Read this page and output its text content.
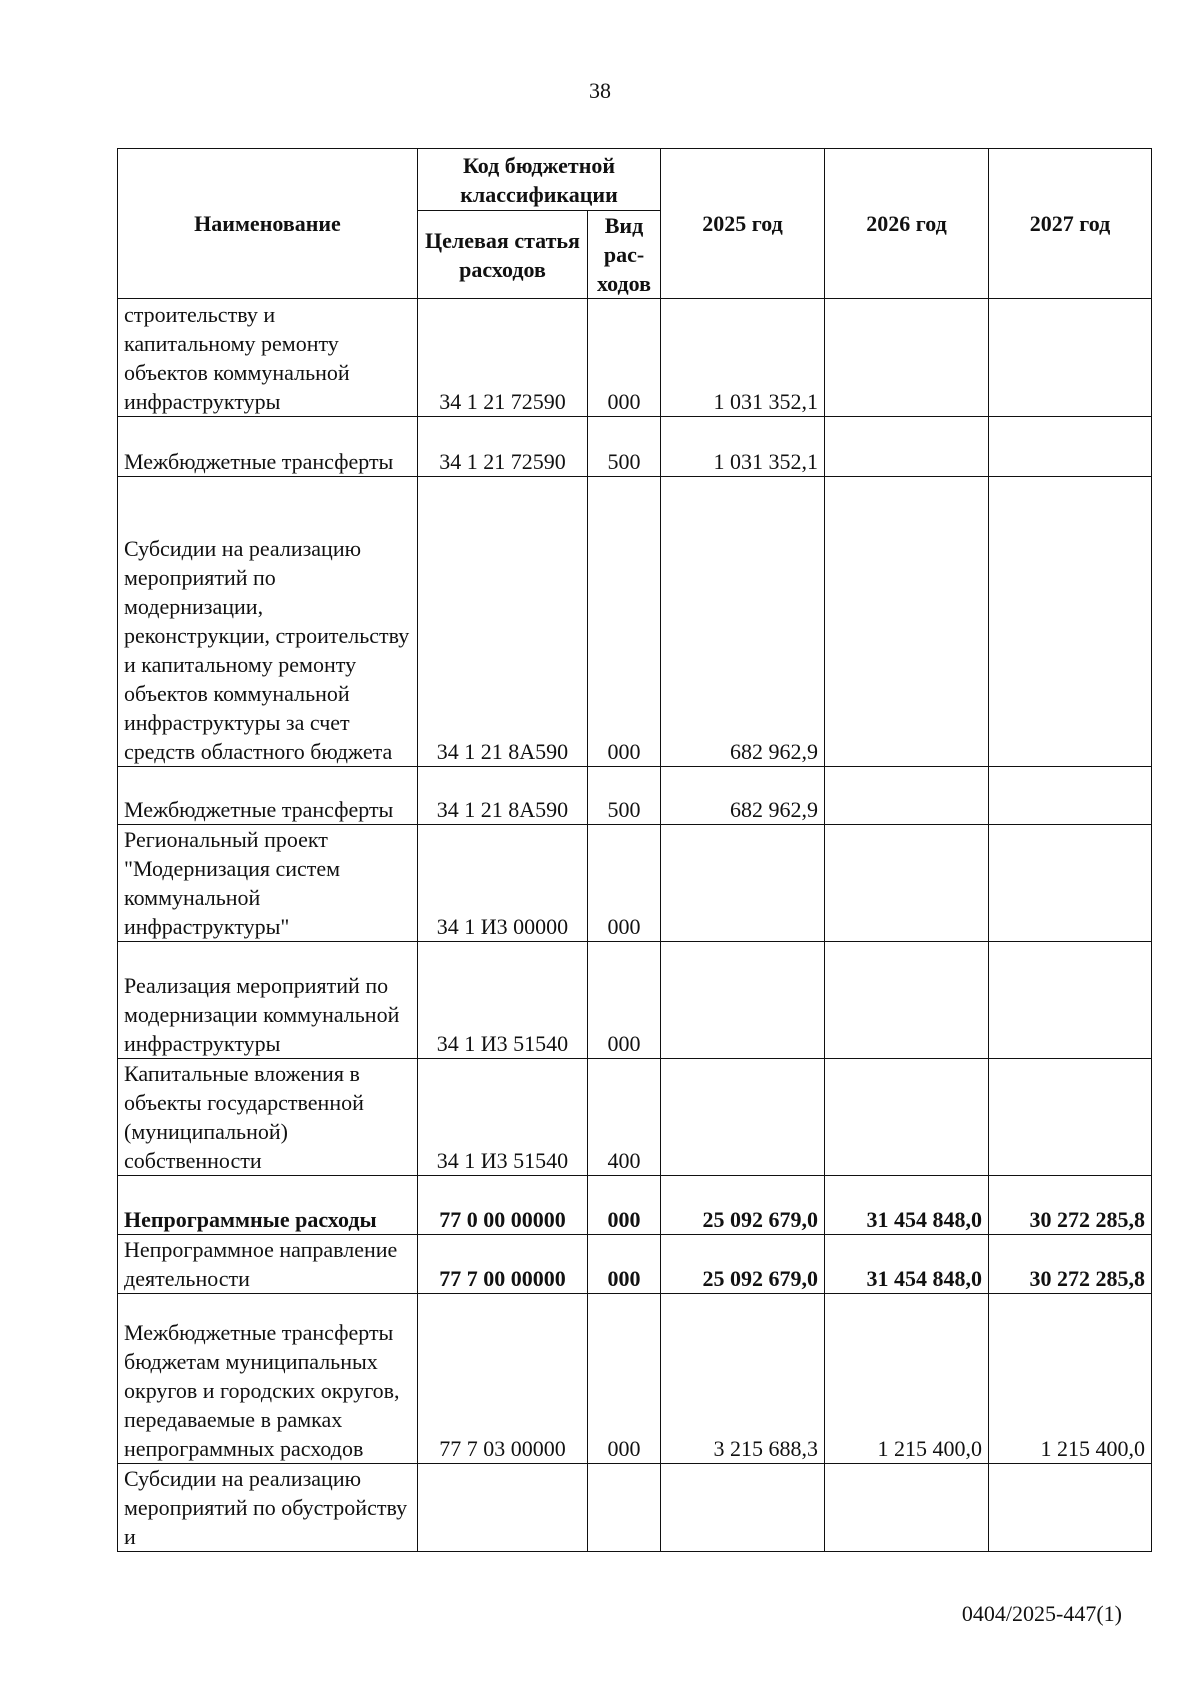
38
Наименование	Код бюджетной классификации		2025 год	2026 год	2027 год
	Целевая статья расходов	Вид рас-ходов			
строительству и капитальному ремонту объектов коммунальной инфраструктуры	34 1 21 72590	000	1 031 352,1		
Межбюджетные трансферты	34 1 21 72590	500	1 031 352,1		
Субсидии на реализацию мероприятий по модернизации, реконструкции, строительству и капитальному ремонту объектов коммунальной инфраструктуры за счет средств областного бюджета	34 1 21 8А590	000	682 962,9		
Межбюджетные трансферты	34 1 21 8А590	500	682 962,9		
Региональный проект "Модернизация систем коммунальной инфраструктуры"	34 1 И3 00000	000			
Реализация мероприятий по модернизации коммунальной инфраструктуры	34 1 И3 51540	000			
Капитальные вложения в объекты государственной (муниципальной) собственности	34 1 И3 51540	400			
Непрограммные расходы	77 0 00 00000	000	25 092 679,0	31 454 848,0	30 272 285,8
Непрограммное направление деятельности	77 7 00 00000	000	25 092 679,0	31 454 848,0	30 272 285,8
Межбюджетные трансферты бюджетам муниципальных округов и городских округов, передаваемые в рамках непрограммных расходов	77 7 03 00000	000	3 215 688,3	1 215 400,0	1 215 400,0
Субсидии на реализацию мероприятий по обустройству и					
0404/2025-447(1)
